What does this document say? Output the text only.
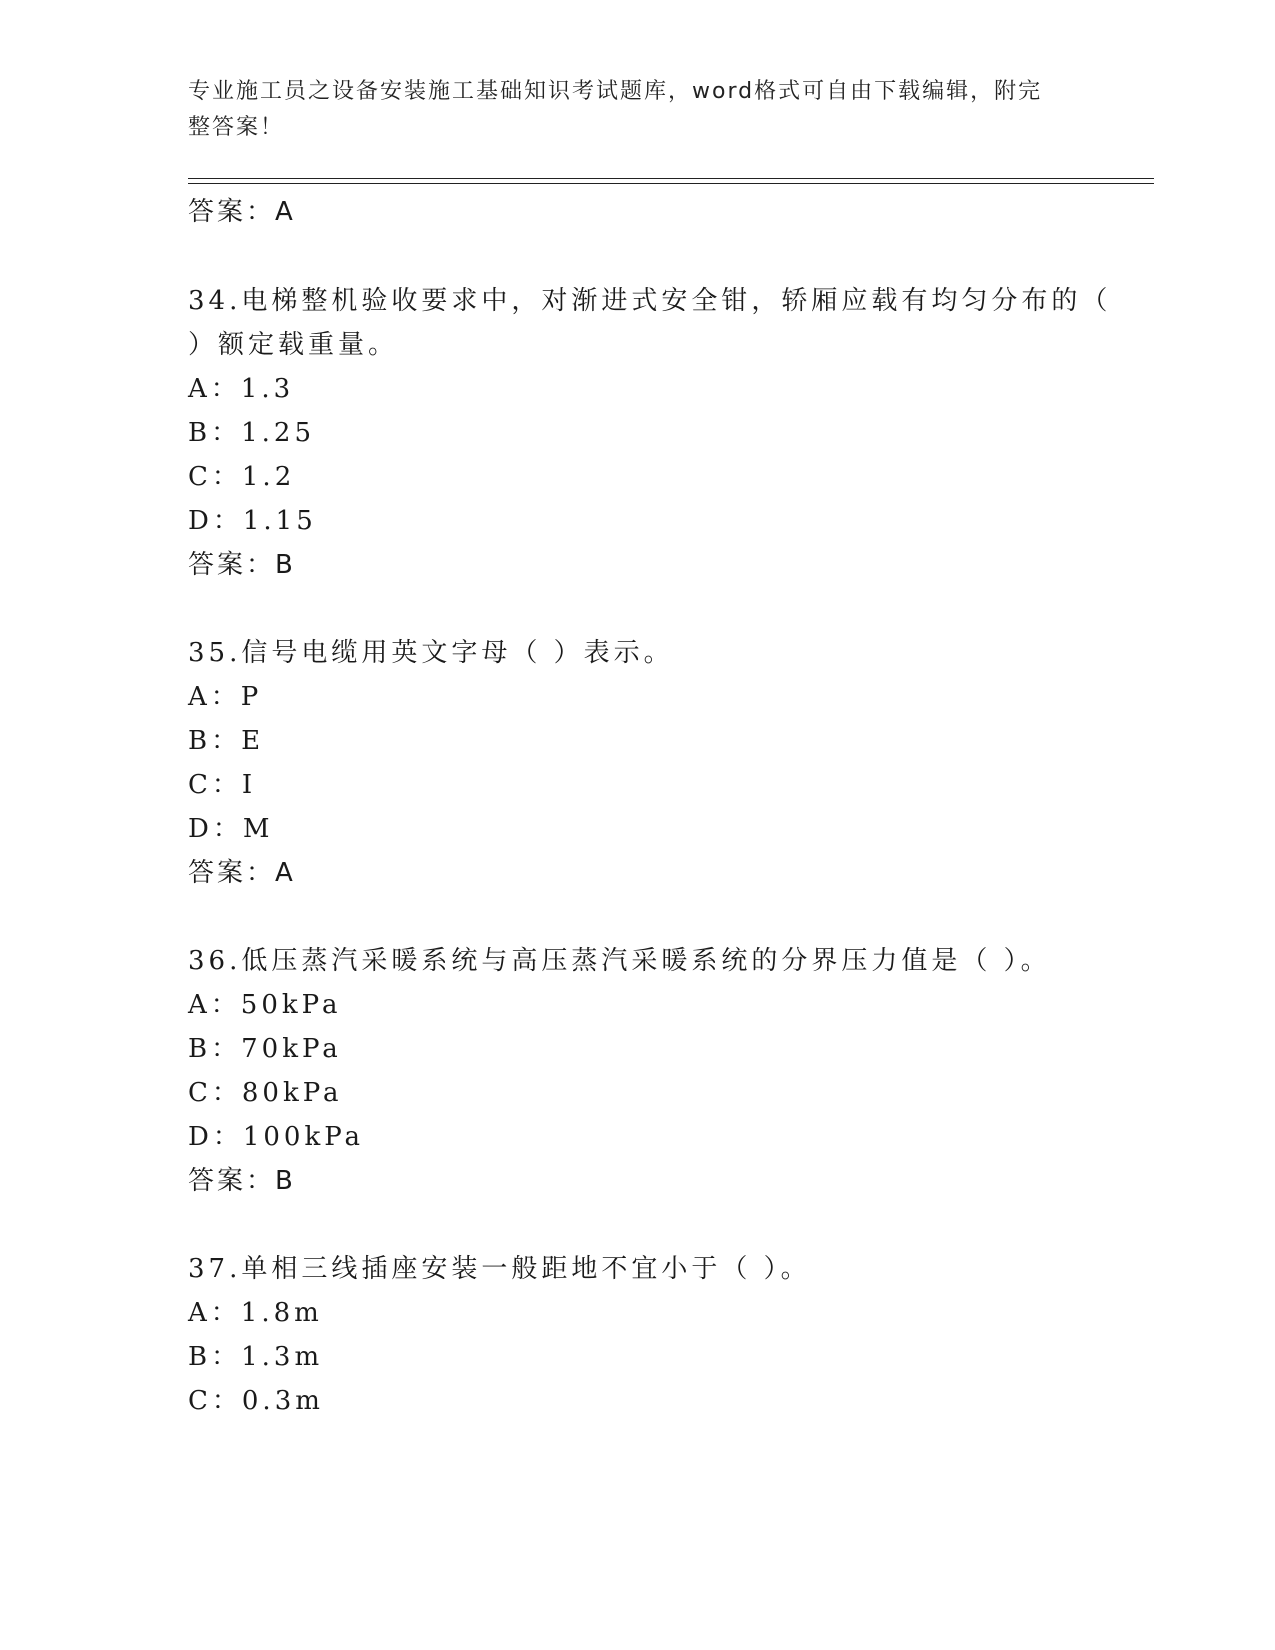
专业施工员之设备安装施工基础知识考试题库，word格式可自由下载编辑，附完
整答案！
答案：A
34.电梯整机验收要求中，对渐进式安全钳，轿厢应载有均匀分布的（
）额定载重量。
A：1.3
B：1.25
C：1.2
D：1.15
答案：B
35.信号电缆用英文字母（ ）表示。
A：P
B：E
C：I
D：M
答案：A
36.低压蒸汽采暖系统与高压蒸汽采暖系统的分界压力值是（ ）。
A：50kPa
B：70kPa
C：80kPa
D：100kPa
答案：B
37.单相三线插座安装一般距地不宜小于（ ）。
A：1.8m
B：1.3m
C：0.3m
